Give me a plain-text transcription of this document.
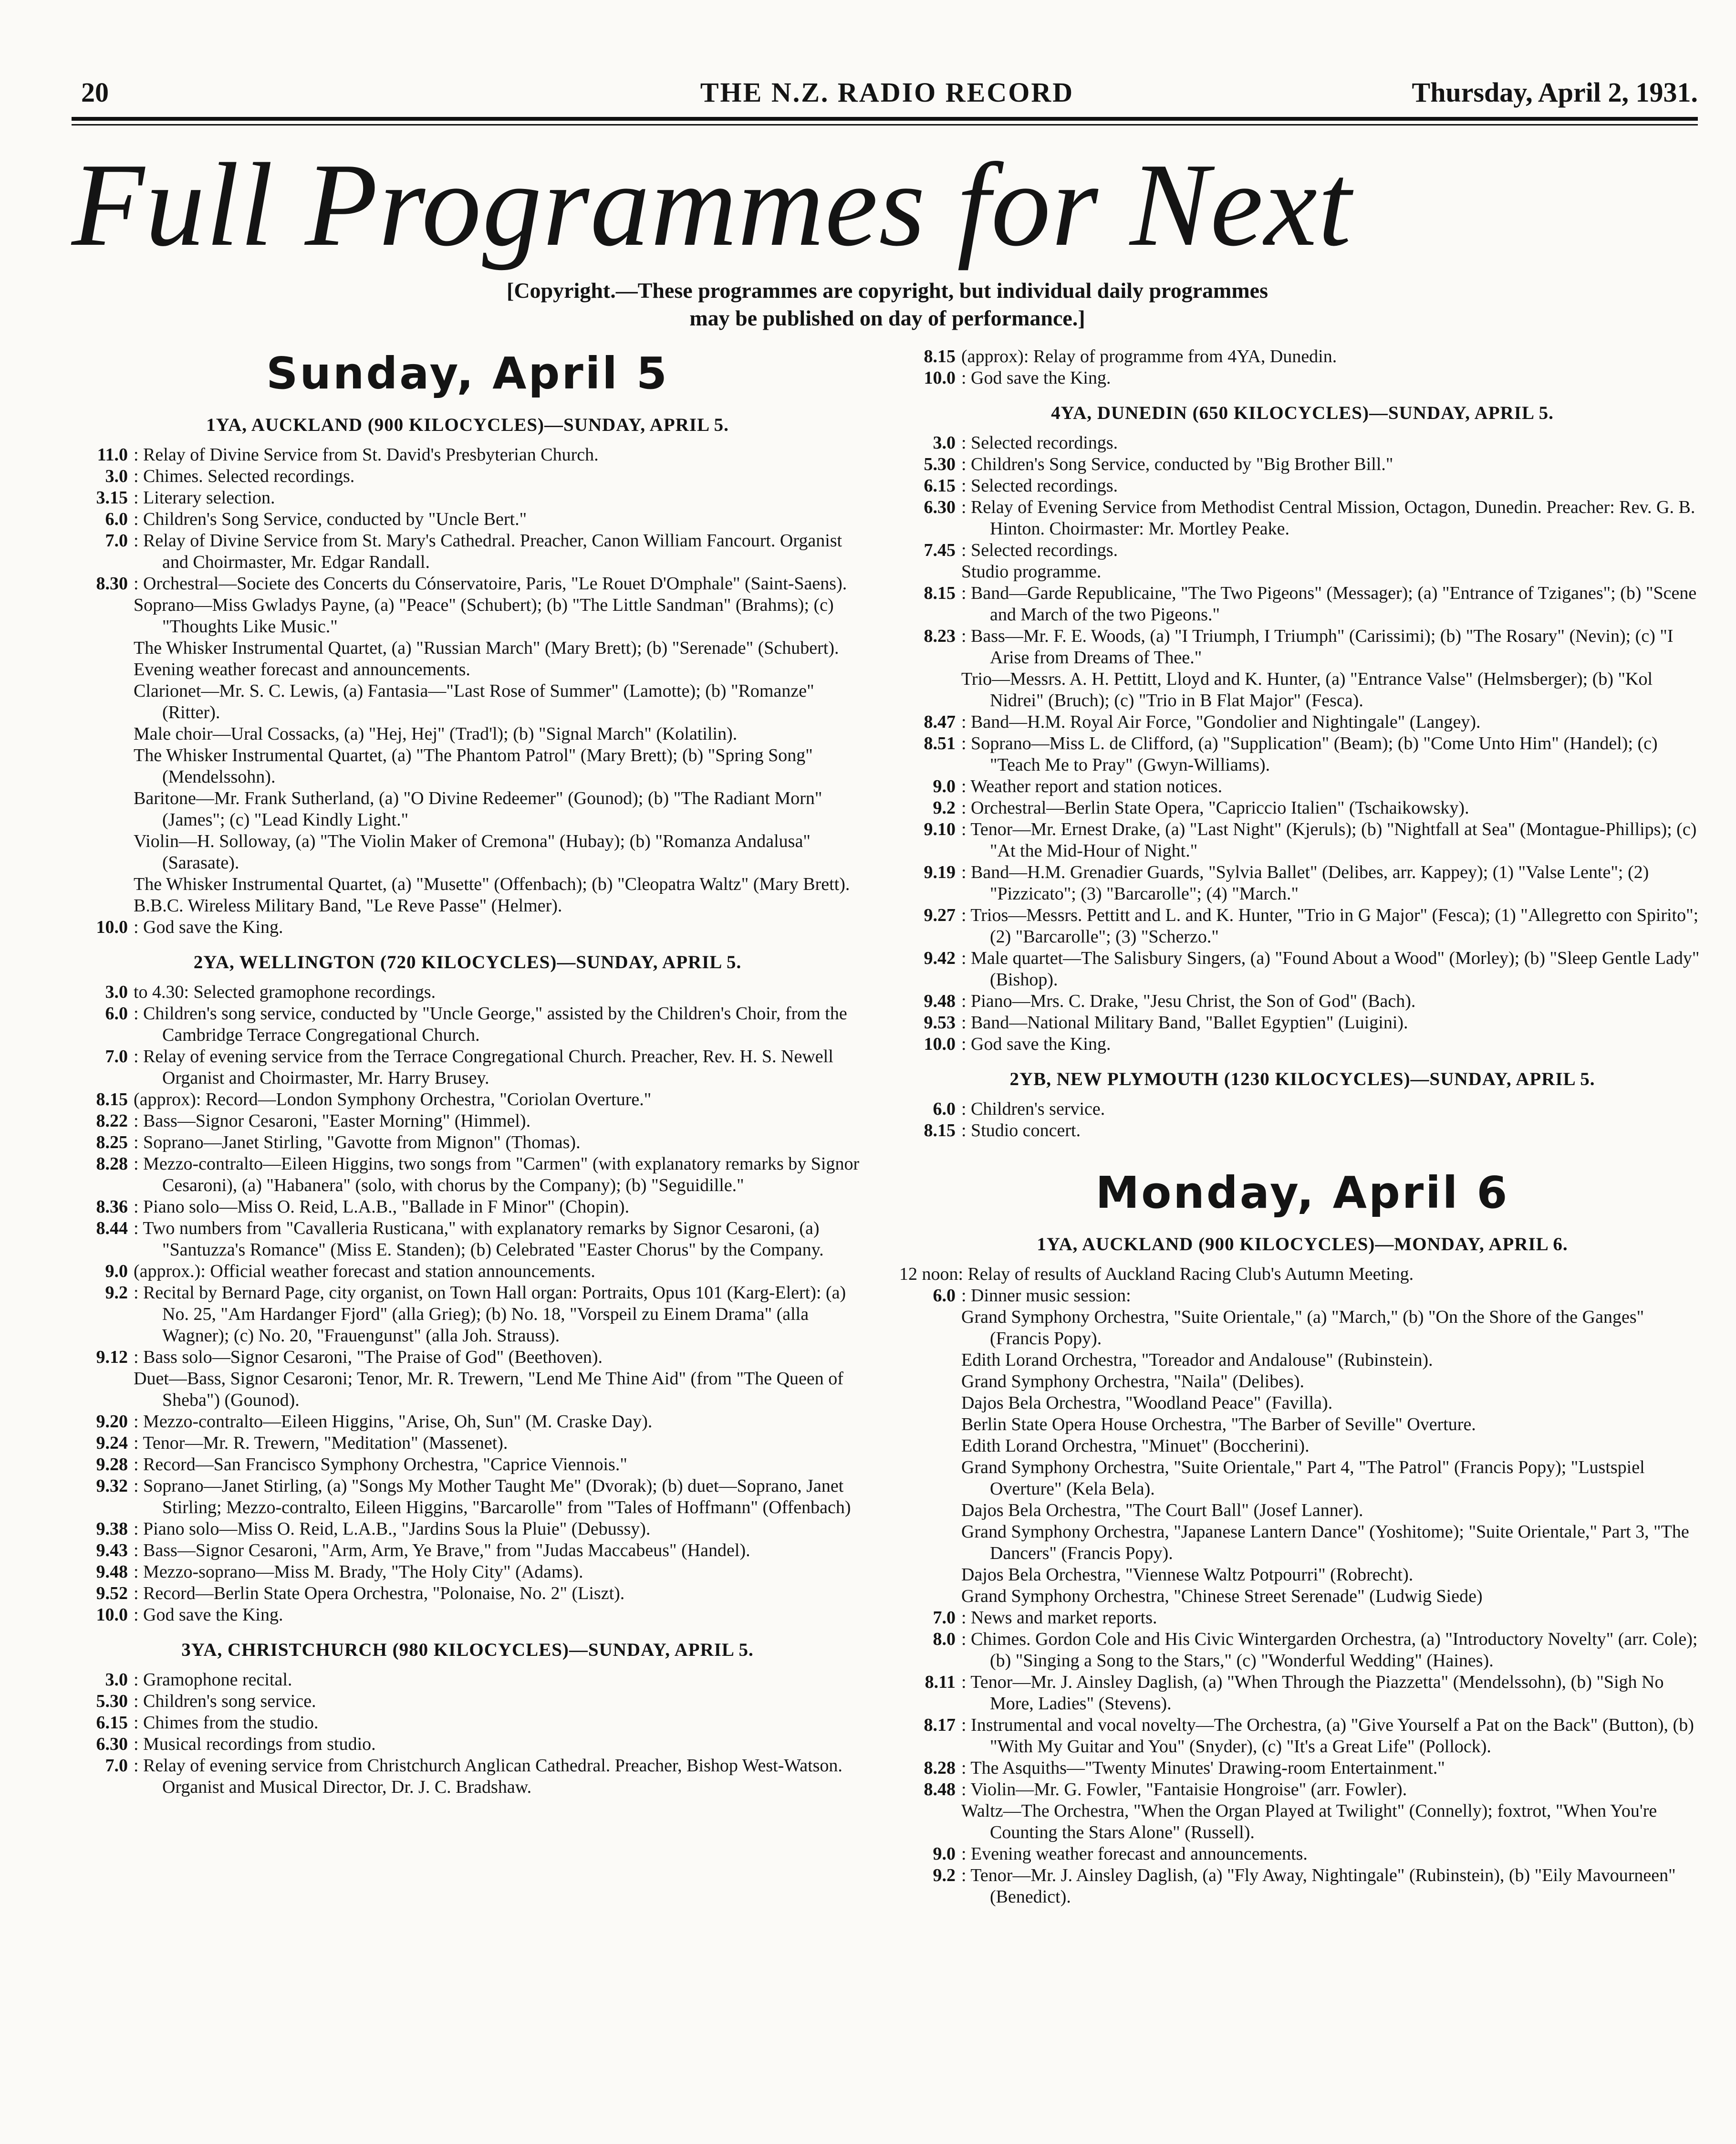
20	THE N.Z. RADIO RECORD	Thursday, April 2, 1931.
Full Programmes for Next
[Copyright.—These programmes are copyright, but individual daily programmes may be published on day of performance.]
Sunday, April 5
1YA, AUCKLAND (900 KILOCYCLES)—SUNDAY, APRIL 5.
11.0 : Relay of Divine Service from St. David's Presbyterian Church.
3.0 : Chimes. Selected recordings.
3.15 : Literary selection.
6.0 : Children's Song Service, conducted by "Uncle Bert."
7.0 : Relay of Divine Service from St. Mary's Cathedral. Preacher, Canon William Fancourt. Organist and Choirmaster, Mr. Edgar Randall.
8.30 : Orchestral—Societe des Concerts du Cónservatoire, Paris, "Le Rouet D'Omphale" (Saint-Saens).
Soprano—Miss Gwladys Payne, (a) "Peace" (Schubert); (b) "The Little Sandman" (Brahms); (c) "Thoughts Like Music."
The Whisker Instrumental Quartet, (a) "Russian March" (Mary Brett); (b) "Serenade" (Schubert).
Evening weather forecast and announcements.
Clarionet—Mr. S. C. Lewis, (a) Fantasia—"Last Rose of Summer" (Lamotte); (b) "Romanze" (Ritter).
Male choir—Ural Cossacks, (a) "Hej, Hej" (Trad'l); (b) "Signal March" (Kolatilin).
The Whisker Instrumental Quartet, (a) "The Phantom Patrol" (Mary Brett); (b) "Spring Song" (Mendelssohn).
Baritone—Mr. Frank Sutherland, (a) "O Divine Redeemer" (Gounod); (b) "The Radiant Morn" (James"; (c) "Lead Kindly Light."
Violin—H. Solloway, (a) "The Violin Maker of Cremona" (Hubay); (b) "Romanza Andalusa" (Sarasate).
The Whisker Instrumental Quartet, (a) "Musette" (Offenbach); (b) "Cleopatra Waltz" (Mary Brett).
B.B.C. Wireless Military Band, "Le Reve Passe" (Helmer).
10.0 : God save the King.
2YA, WELLINGTON (720 KILOCYCLES)—SUNDAY, APRIL 5.
3.0 to 4.30: Selected gramophone recordings.
6.0 : Children's song service, conducted by "Uncle George," assisted by the Children's Choir, from the Cambridge Terrace Congregational Church.
7.0 : Relay of evening service from the Terrace Congregational Church. Preacher, Rev. H. S. Newell Organist and Choirmaster, Mr. Harry Brusey.
8.15 (approx): Record—London Symphony Orchestra, "Coriolan Overture."
8.22 : Bass—Signor Cesaroni, "Easter Morning" (Himmel).
8.25 : Soprano—Janet Stirling, "Gavotte from Mignon" (Thomas).
8.28 : Mezzo-contralto—Eileen Higgins, two songs from "Carmen" (with explanatory remarks by Signor Cesaroni), (a) "Habanera" (solo, with chorus by the Company); (b) "Seguidille."
8.36 : Piano solo—Miss O. Reid, L.A.B., "Ballade in F Minor" (Chopin).
8.44 : Two numbers from "Cavalleria Rusticana," with explanatory remarks by Signor Cesaroni, (a) "Santuzza's Romance" (Miss E. Standen); (b) Celebrated "Easter Chorus" by the Company.
9.0 (approx.): Official weather forecast and station announcements.
9.2 : Recital by Bernard Page, city organist, on Town Hall organ: Portraits, Opus 101 (Karg-Elert): (a) No. 25, "Am Hardanger Fjord" (alla Grieg); (b) No. 18, "Vorspeil zu Einem Drama" (alla Wagner); (c) No. 20, "Frauengunst" (alla Joh. Strauss).
9.12 : Bass solo—Signor Cesaroni, "The Praise of God" (Beethoven).
Duet—Bass, Signor Cesaroni; Tenor, Mr. R. Trewern, "Lend Me Thine Aid" (from "The Queen of Sheba") (Gounod).
9.20 : Mezzo-contralto—Eileen Higgins, "Arise, Oh, Sun" (M. Craske Day).
9.24 : Tenor—Mr. R. Trewern, "Meditation" (Massenet).
9.28 : Record—San Francisco Symphony Orchestra, "Caprice Viennois."
9.32 : Soprano—Janet Stirling, (a) "Songs My Mother Taught Me" (Dvorak); (b) duet—Soprano, Janet Stirling; Mezzo-contralto, Eileen Higgins, "Barcarolle" from "Tales of Hoffmann" (Offenbach)
9.38 : Piano solo—Miss O. Reid, L.A.B., "Jardins Sous la Pluie" (Debussy).
9.43 : Bass—Signor Cesaroni, "Arm, Arm, Ye Brave," from "Judas Maccabeus" (Handel).
9.48 : Mezzo-soprano—Miss M. Brady, "The Holy City" (Adams).
9.52 : Record—Berlin State Opera Orchestra, "Polonaise, No. 2" (Liszt).
10.0 : God save the King.
3YA, CHRISTCHURCH (980 KILOCYCLES)—SUNDAY, APRIL 5.
3.0 : Gramophone recital.
5.30 : Children's song service.
6.15 : Chimes from the studio.
6.30 : Musical recordings from studio.
7.0 : Relay of evening service from Christchurch Anglican Cathedral. Preacher, Bishop West-Watson. Organist and Musical Director, Dr. J. C. Bradshaw.
8.15 (approx): Relay of programme from 4YA, Dunedin.
10.0 : God save the King.
4YA, DUNEDIN (650 KILOCYCLES)—SUNDAY, APRIL 5.
3.0 : Selected recordings.
5.30 : Children's Song Service, conducted by "Big Brother Bill."
6.15 : Selected recordings.
6.30 : Relay of Evening Service from Methodist Central Mission, Octagon, Dunedin. Preacher: Rev. G. B. Hinton. Choirmaster: Mr. Mortley Peake.
7.45 : Selected recordings.
Studio programme.
8.15 : Band—Garde Republicaine, "The Two Pigeons" (Messager); (a) "Entrance of Tziganes"; (b) "Scene and March of the two Pigeons."
8.23 : Bass—Mr. F. E. Woods, (a) "I Triumph, I Triumph" (Carissimi); (b) "The Rosary" (Nevin); (c) "I Arise from Dreams of Thee."
Trio—Messrs. A. H. Pettitt, Lloyd and K. Hunter, (a) "Entrance Valse" (Helmsberger); (b) "Kol Nidrei" (Bruch); (c) "Trio in B Flat Major" (Fesca).
8.47 : Band—H.M. Royal Air Force, "Gondolier and Nightingale" (Langey).
8.51 : Soprano—Miss L. de Clifford, (a) "Supplication" (Beam); (b) "Come Unto Him" (Handel); (c) "Teach Me to Pray" (Gwyn-Williams).
9.0 : Weather report and station notices.
9.2 : Orchestral—Berlin State Opera, "Capriccio Italien" (Tschaikowsky).
9.10 : Tenor—Mr. Ernest Drake, (a) "Last Night" (Kjeruls); (b) "Nightfall at Sea" (Montague-Phillips); (c) "At the Mid-Hour of Night."
9.19 : Band—H.M. Grenadier Guards, "Sylvia Ballet" (Delibes, arr. Kappey); (1) "Valse Lente"; (2) "Pizzicato"; (3) "Barcarolle"; (4) "March."
9.27 : Trios—Messrs. Pettitt and L. and K. Hunter, "Trio in G Major" (Fesca); (1) "Allegretto con Spirito"; (2) "Barcarolle"; (3) "Scherzo."
9.42 : Male quartet—The Salisbury Singers, (a) "Found About a Wood" (Morley); (b) "Sleep Gentle Lady" (Bishop).
9.48 : Piano—Mrs. C. Drake, "Jesu Christ, the Son of God" (Bach).
9.53 : Band—National Military Band, "Ballet Egyptien" (Luigini).
10.0 : God save the King.
2YB, NEW PLYMOUTH (1230 KILOCYCLES)—SUNDAY, APRIL 5.
6.0 : Children's service.
8.15 : Studio concert.
Monday, April 6
1YA, AUCKLAND (900 KILOCYCLES)—MONDAY, APRIL 6.
12 noon: Relay of results of Auckland Racing Club's Autumn Meeting.
6.0 : Dinner music session:
Grand Symphony Orchestra, "Suite Orientale," (a) "March," (b) "On the Shore of the Ganges" (Francis Popy).
Edith Lorand Orchestra, "Toreador and Andalouse" (Rubinstein).
Grand Symphony Orchestra, "Naila" (Delibes).
Dajos Bela Orchestra, "Woodland Peace" (Favilla).
Berlin State Opera House Orchestra, "The Barber of Seville" Overture.
Edith Lorand Orchestra, "Minuet" (Boccherini).
Grand Symphony Orchestra, "Suite Orientale," Part 4, "The Patrol" (Francis Popy); "Lustspiel Overture" (Kela Bela).
Dajos Bela Orchestra, "The Court Ball" (Josef Lanner).
Grand Symphony Orchestra, "Japanese Lantern Dance" (Yoshitome); "Suite Orientale," Part 3, "The Dancers" (Francis Popy).
Dajos Bela Orchestra, "Viennese Waltz Potpourri" (Robrecht).
Grand Symphony Orchestra, "Chinese Street Serenade" (Ludwig Siede)
7.0 : News and market reports.
8.0 : Chimes. Gordon Cole and His Civic Wintergarden Orchestra, (a) "Introductory Novelty" (arr. Cole); (b) "Singing a Song to the Stars," (c) "Wonderful Wedding" (Haines).
8.11 : Tenor—Mr. J. Ainsley Daglish, (a) "When Through the Piazzetta" (Mendelssohn), (b) "Sigh No More, Ladies" (Stevens).
8.17 : Instrumental and vocal novelty—The Orchestra, (a) "Give Yourself a Pat on the Back" (Button), (b) "With My Guitar and You" (Snyder), (c) "It's a Great Life" (Pollock).
8.28 : The Asquiths—"Twenty Minutes' Drawing-room Entertainment."
8.48 : Violin—Mr. G. Fowler, "Fantaisie Hongroise" (arr. Fowler).
Waltz—The Orchestra, "When the Organ Played at Twilight" (Connelly); foxtrot, "When You're Counting the Stars Alone" (Russell).
9.0 : Evening weather forecast and announcements.
9.2 : Tenor—Mr. J. Ainsley Daglish, (a) "Fly Away, Nightingale" (Rubinstein), (b) "Eily Mavourneen" (Benedict).
